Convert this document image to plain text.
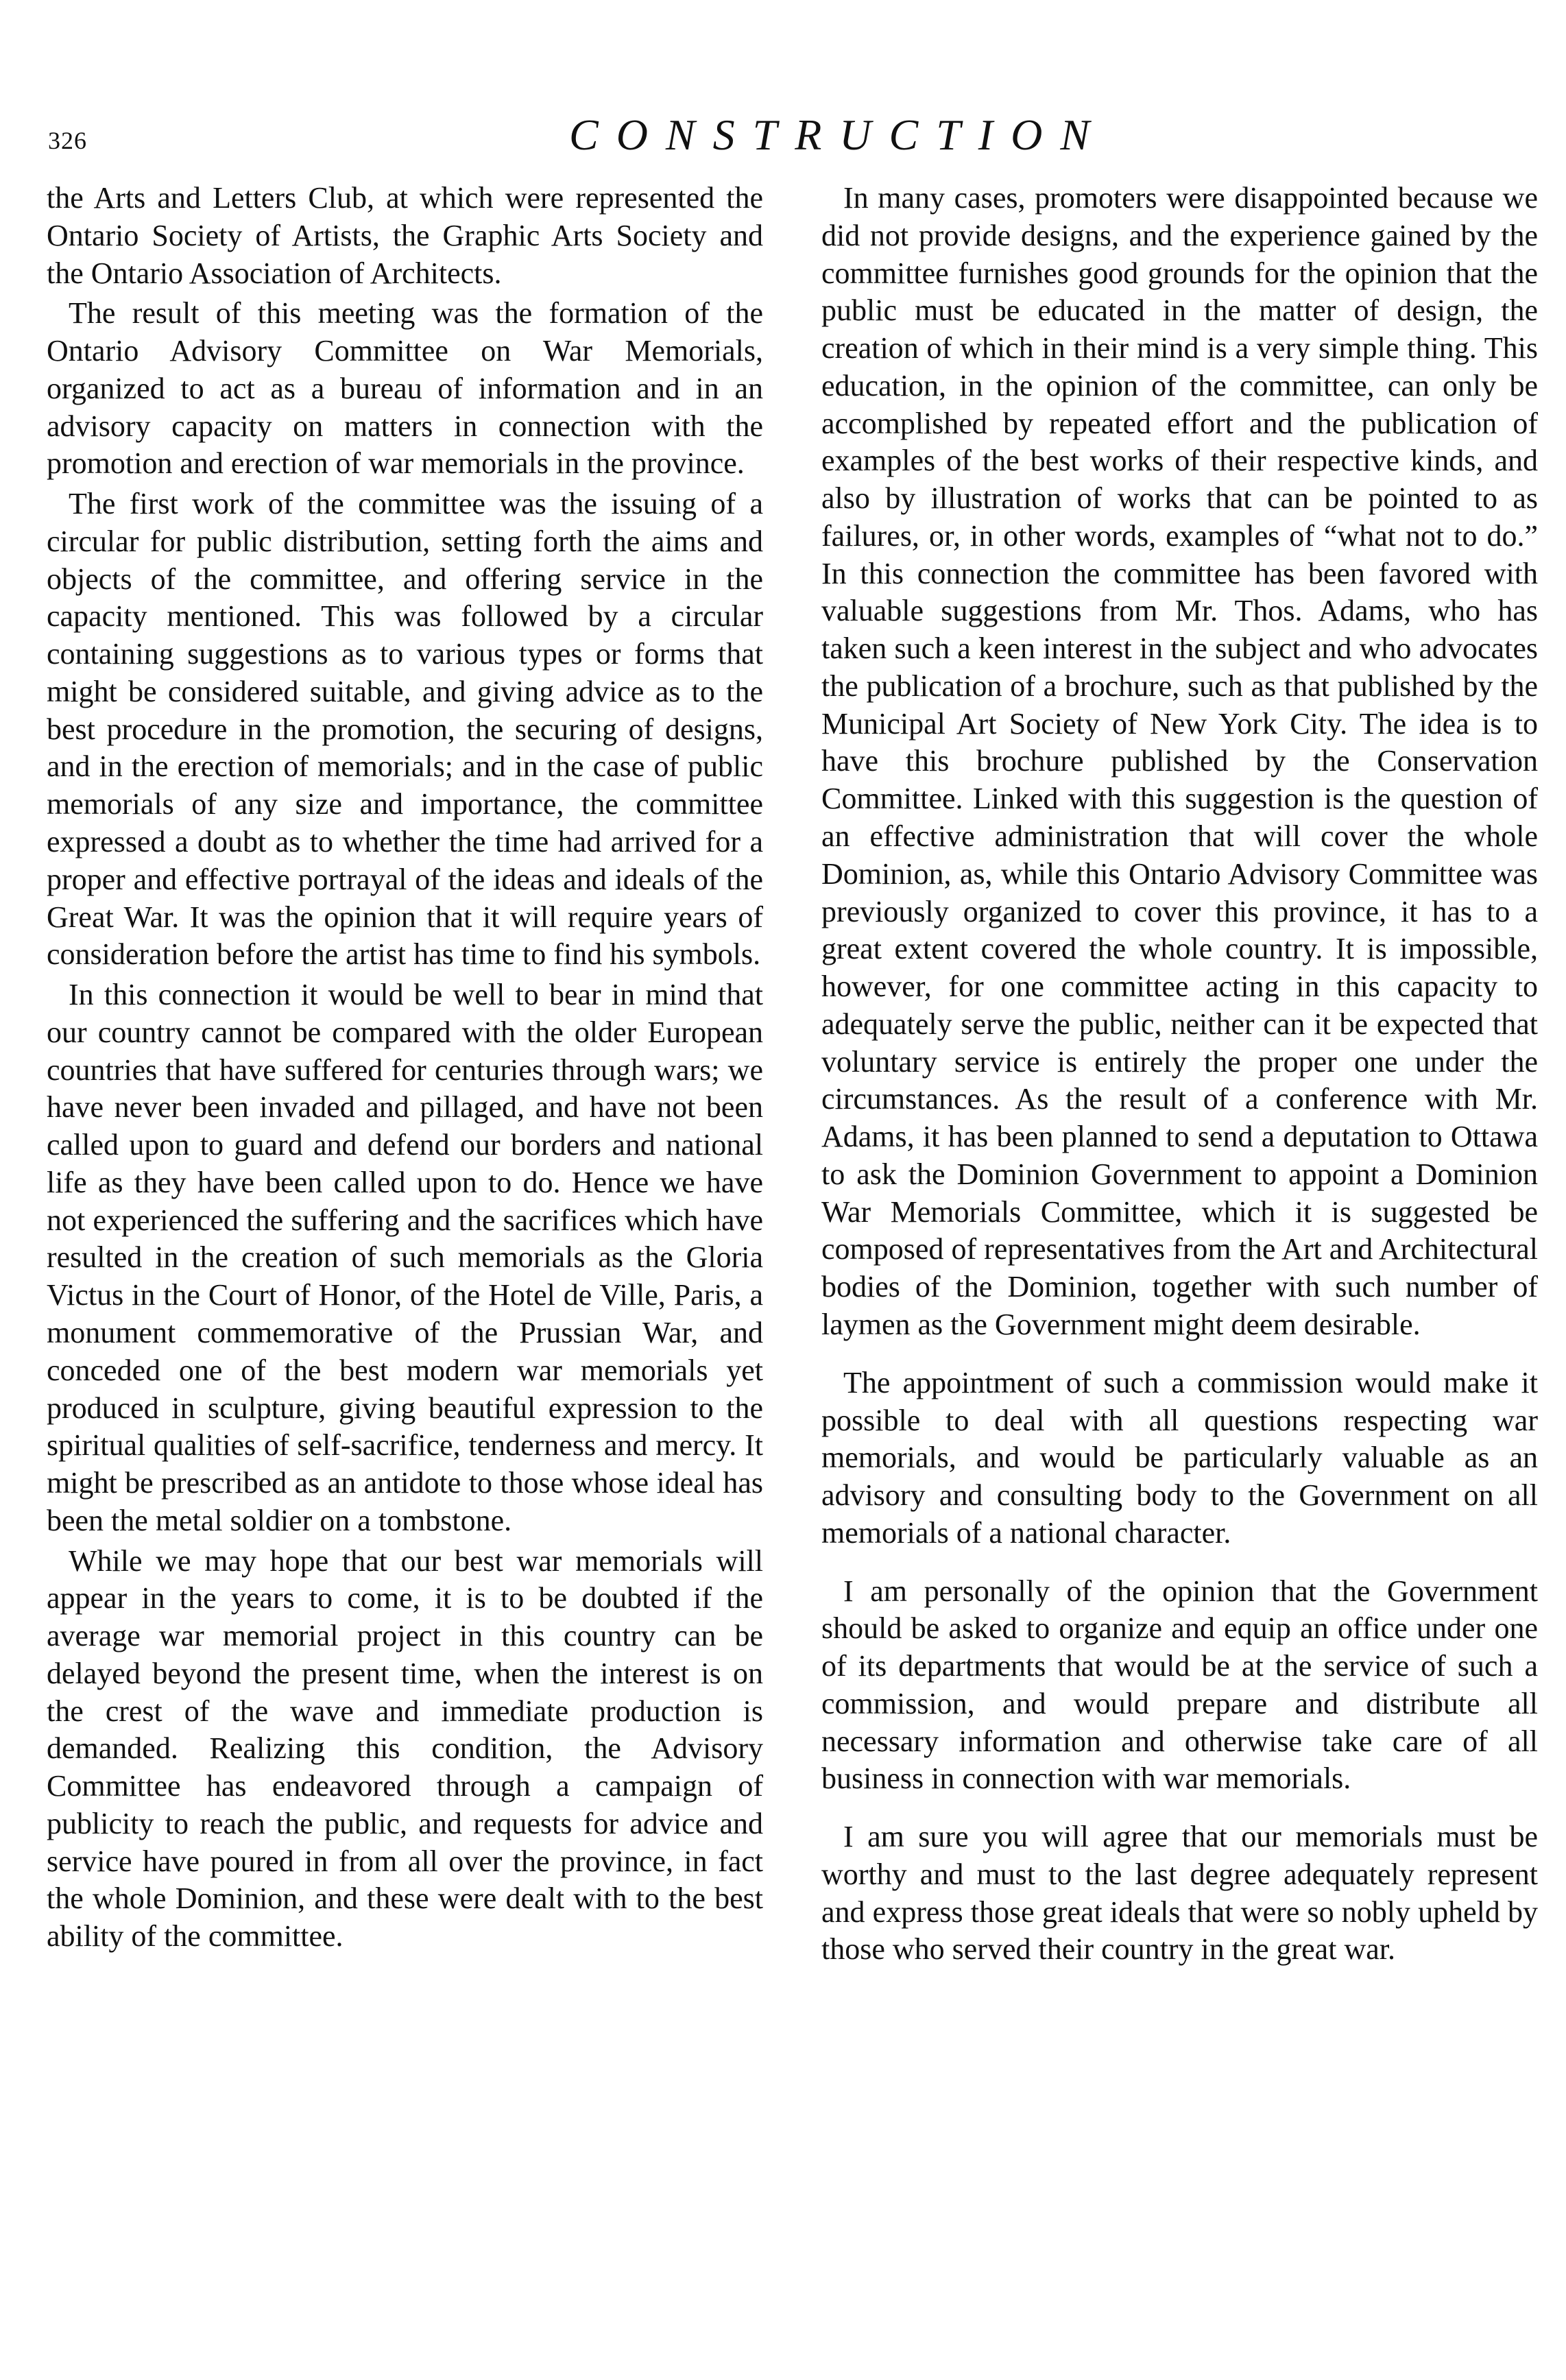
326	CONSTRUCTION

the Arts and Letters Club, at which were represented the Ontario Society of Artists, the Graphic Arts Society and the Ontario Association of Architects.

The result of this meeting was the formation of the Ontario Advisory Committee on War Memorials, organized to act as a bureau of information and in an advisory capacity on matters in connection with the promotion and erection of war memorials in the province.

The first work of the committee was the issuing of a circular for public distribution, setting forth the aims and objects of the committee, and offering service in the capacity mentioned. This was followed by a circular containing suggestions as to various types or forms that might be considered suitable, and giving advice as to the best procedure in the promotion, the securing of designs, and in the erection of memorials; and in the case of public memorials of any size and importance, the committee expressed a doubt as to whether the time had arrived for a proper and effective portrayal of the ideas and ideals of the Great War. It was the opinion that it will require years of consideration before the artist has time to find his symbols.

In this connection it would be well to bear in mind that our country cannot be compared with the older European countries that have suffered for centuries through wars; we have never been invaded and pillaged, and have not been called upon to guard and defend our borders and national life as they have been called upon to do. Hence we have not experienced the suffering and the sacrifices which have resulted in the creation of such memorials as the Gloria Victus in the Court of Honor, of the Hotel de Ville, Paris, a monument commemorative of the Prussian War, and conceded one of the best modern war memorials yet produced in sculpture, giving beautiful expression to the spiritual qualities of self-sacrifice, tenderness and mercy. It might be prescribed as an antidote to those whose ideal has been the metal soldier on a tombstone.

While we may hope that our best war memorials will appear in the years to come, it is to be doubted if the average war memorial project in this country can be delayed beyond the present time, when the interest is on the crest of the wave and immediate production is demanded. Realizing this condition, the Advisory Committee has endeavored through a campaign of publicity to reach the public, and requests for advice and service have poured in from all over the province, in fact the whole Dominion, and these were dealt with to the best ability of the committee.

In many cases, promoters were disappointed because we did not provide designs, and the experience gained by the committee furnishes good grounds for the opinion that the public must be educated in the matter of design, the creation of which in their mind is a very simple thing. This education, in the opinion of the committee, can only be accomplished by repeated effort and the publication of examples of the best works of their respective kinds, and also by illustration of works that can be pointed to as failures, or, in other words, examples of “what not to do.” In this connection the committee has been favored with valuable suggestions from Mr. Thos. Adams, who has taken such a keen interest in the subject and who advocates the publication of a brochure, such as that published by the Municipal Art Society of New York City. The idea is to have this brochure published by the Conservation Committee. Linked with this suggestion is the question of an effective administration that will cover the whole Dominion, as, while this Ontario Advisory Committee was previously organized to cover this province, it has to a great extent covered the whole country. It is impossible, however, for one committee acting in this capacity to adequately serve the public, neither can it be expected that voluntary service is entirely the proper one under the circumstances. As the result of a conference with Mr. Adams, it has been planned to send a deputation to Ottawa to ask the Dominion Government to appoint a Dominion War Memorials Committee, which it is suggested be composed of representatives from the Art and Architectural bodies of the Dominion, together with such number of laymen as the Government might deem desirable.

The appointment of such a commission would make it possible to deal with all questions respecting war memorials, and would be particularly valuable as an advisory and consulting body to the Government on all memorials of a national character.

I am personally of the opinion that the Government should be asked to organize and equip an office under one of its departments that would be at the service of such a commission, and would prepare and distribute all necessary information and otherwise take care of all business in connection with war memorials.

I am sure you will agree that our memorials must be worthy and must to the last degree adequately represent and express those great ideals that were so nobly upheld by those who served their country in the great war.
